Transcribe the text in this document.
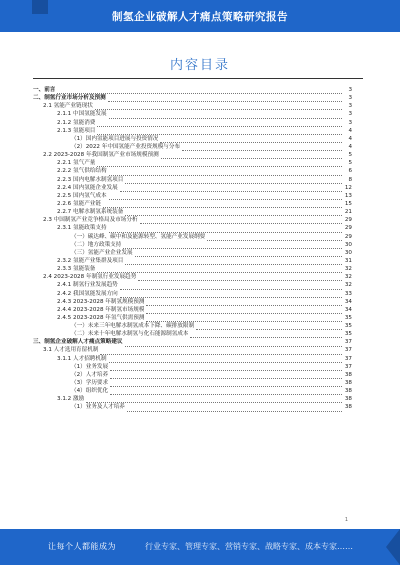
制氢企业破解人才痛点策略研究报告
内容目录
一、前言	3
二、制氢行业市场分析及预测	3
2.1 氢能产业链现状	3
2.1.1 中国氢能发展	3
2.1.2 氢能消费	3
2.1.3 氢能项目	4
（1）国内氢能项目进展与投资情况	4
（2）2022 年中国氢能产业投资规模与分布	4
2.2 2023-2028 年我国制氢产业市场规模预测	5
2.2.1 氢气产量	5
2.2.2 氢气供给结构	6
2.2.3 国内电解水制氢项目	8
2.2.4 国内氢能企业发展	12
2.2.5 国内氢气成本	13
2.2.6 氢能产业链	15
2.2.7 电解水制氢系统装备	21
2.3 中国制氢产业竞争格局及市场分析	29
2.3.1 氢能政策支持	29
（一）碳达峰、碳中和及能源转型、氢能产业发展纲要	29
（二）地方政策支持	30
（三）氢能产业企业发展	30
2.3.2 氢能产业集群及项目	31
2.3.3 氢能装备	32
2.4 2023-2028 年制氢行业发展趋势	32
2.4.1 制氢行业发展趋势	32
2.4.2 我国氢能发展方向	33
2.4.3 2023-2028 年制氢规模预测	34
2.4.4 2023-2028 年制氢市场规模	34
2.4.5 2023-2028 年氢气供需预测	35
（一）未来三年电解水制氢成本下降、碳排放限制	35
（二）未来十年电解水制氢与化石能源制氢成本	35
三、制氢企业破解人才痛点策略建议	37
3.1 人才选用育留机制	37
3.1.1 人才招聘机制	37
（1）业务发展	37
（2）人才培养	38
（3）学历要求	38
（4）组织优化	38
3.1.2 激励	38
（1）业务及人才培养	38
1
让每个人都能成为	行业专家、管理专家、营销专家、战略专家、成本专家……
